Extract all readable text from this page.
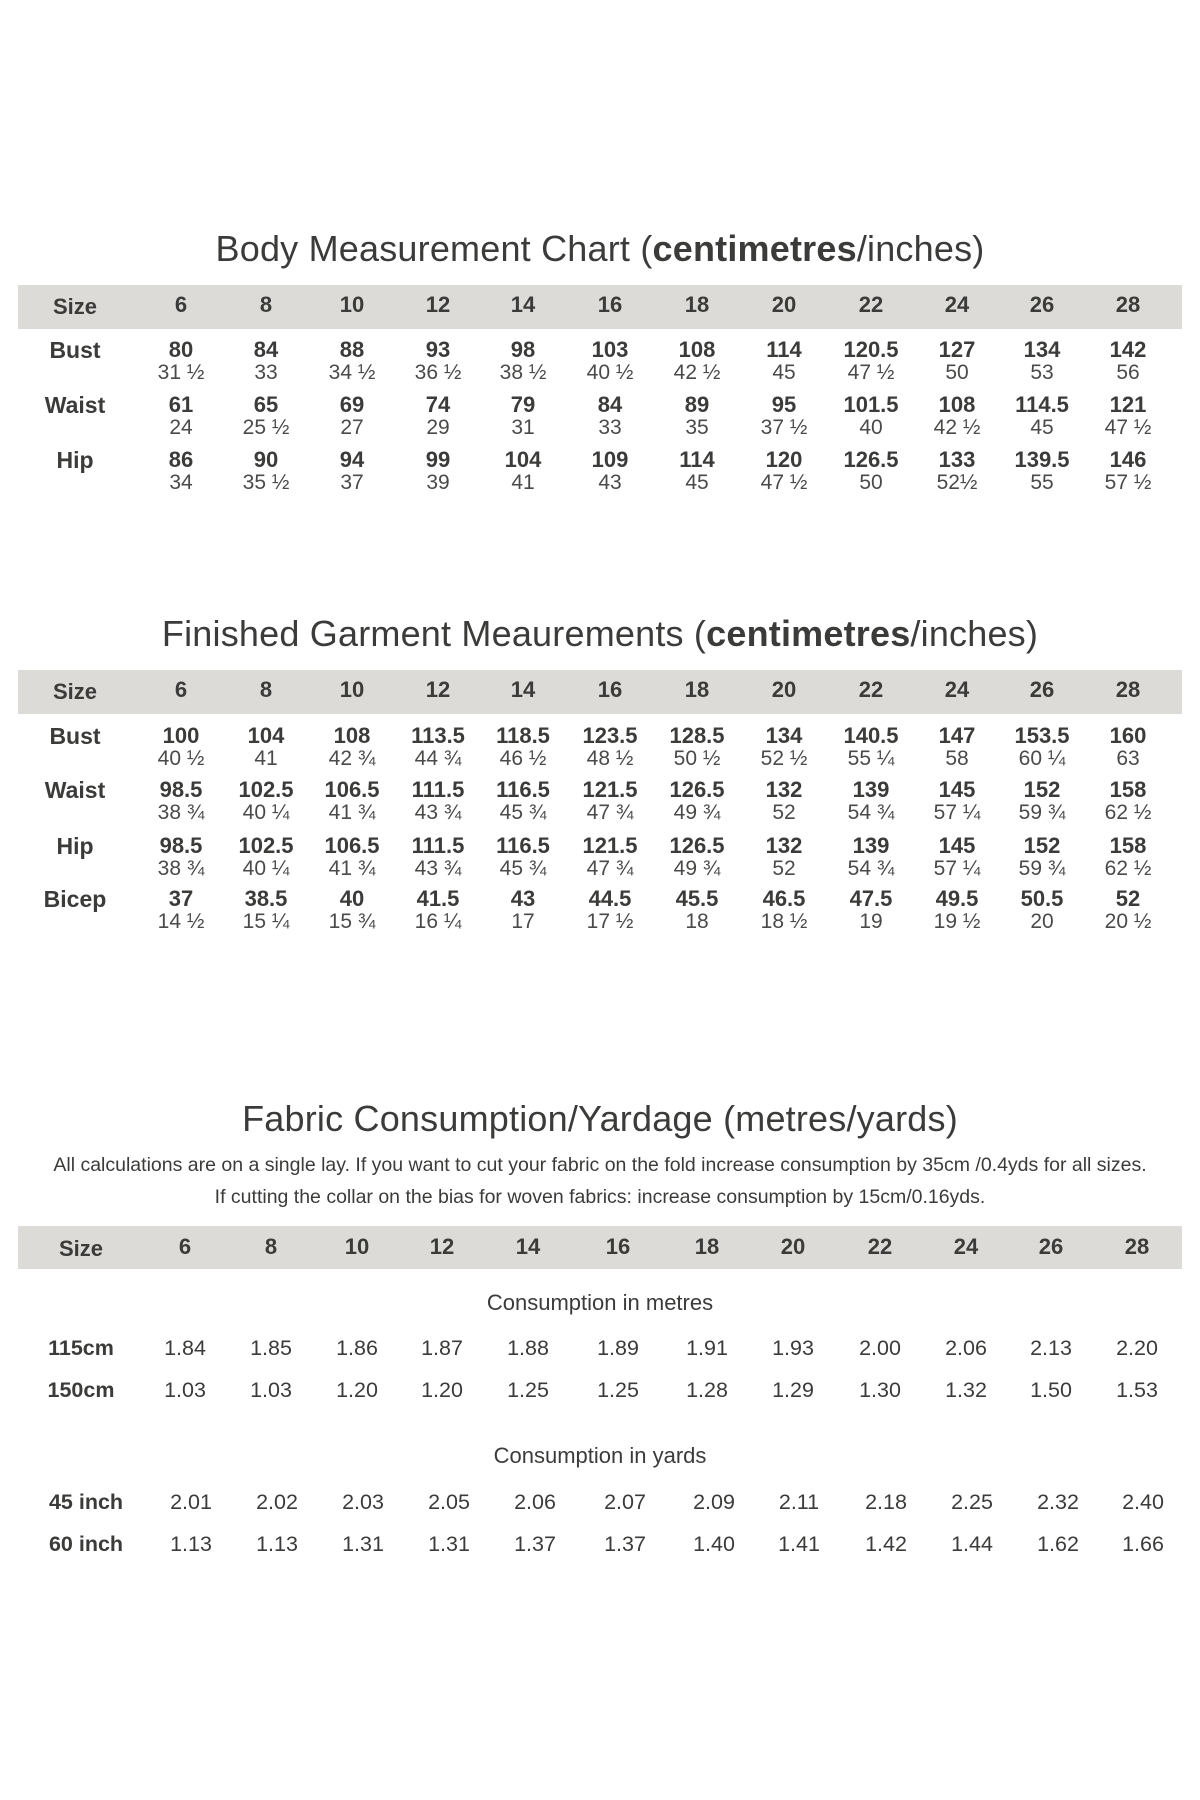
Body Measurement Chart (centimetres/inches)
Size	6	8	10	12	14	16	18	20	22	24	26	28
Bust	80	84	88	93	98	103	108	114	120.5	127	134	142
31 ½	33	34 ½	36 ½	38 ½	40 ½	42 ½	45	47 ½	50	53	56
Waist	61	65	69	74	79	84	89	95	101.5	108	114.5	121
24	25 ½	27	29	31	33	35	37 ½	40	42 ½	45	47 ½
Hip	86	90	94	99	104	109	114	120	126.5	133	139.5	146
34	35 ½	37	39	41	43	45	47 ½	50	52½	55	57 ½
Finished Garment Meaurements (centimetres/inches)
Size	6	8	10	12	14	16	18	20	22	24	26	28
Bust	100	104	108	113.5	118.5	123.5	128.5	134	140.5	147	153.5	160
40 ½	41	42 ¾	44 ¾	46 ½	48 ½	50 ½	52 ½	55 ¼	58	60 ¼	63
Waist	98.5	102.5	106.5	111.5	116.5	121.5	126.5	132	139	145	152	158
38 ¾	40 ¼	41 ¾	43 ¾	45 ¾	47 ¾	49 ¾	52	54 ¾	57 ¼	59 ¾	62 ½
Hip	98.5	102.5	106.5	111.5	116.5	121.5	126.5	132	139	145	152	158
38 ¾	40 ¼	41 ¾	43 ¾	45 ¾	47 ¾	49 ¾	52	54 ¾	57 ¼	59 ¾	62 ½
Bicep	37	38.5	40	41.5	43	44.5	45.5	46.5	47.5	49.5	50.5	52
14 ½	15 ¼	15 ¾	16 ¼	17	17 ½	18	18 ½	19	19 ½	20	20 ½
Fabric Consumption/Yardage (metres/yards)
All calculations are on a single lay. If you want to cut your fabric on the fold increase consumption by 35cm /0.4yds for all sizes.
If cutting the collar on the bias for woven fabrics: increase consumption by 15cm/0.16yds.
Consumption in metres
Consumption in yards
Size	6	8	10	12	14	16	18	20	22	24	26	28
115cm	1.84	1.85	1.86	1.87	1.88	1.89	1.91	1.93	2.00	2.06	2.13	2.20
150cm	1.03	1.03	1.20	1.20	1.25	1.25	1.28	1.29	1.30	1.32	1.50	1.53
45 inch	2.01	2.02	2.03	2.05	2.06	2.07	2.09	2.11	2.18	2.25	2.32	2.40
60 inch	1.13	1.13	1.31	1.31	1.37	1.37	1.40	1.41	1.42	1.44	1.62	1.66
